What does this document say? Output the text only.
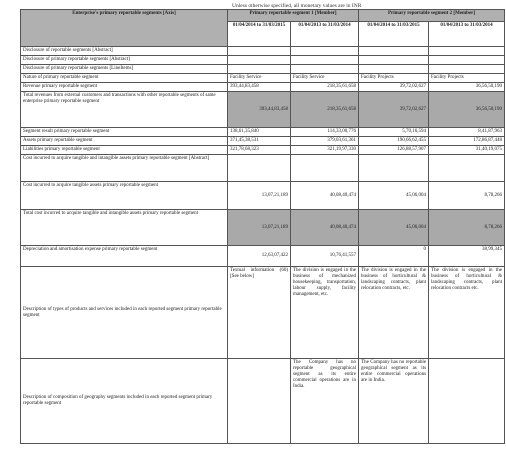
Unless otherwise specified, all monetary values are in INR
Enterprise's primary reportable segments [Axis]	Primary reportable segment 1 [Member]		Primary reportable segment 2 [Member]	
	01/04/2014 to 31/03/2015	01/04/2013 to 31/03/2014	01/04/2014 to 31/03/2015	01/04/2013 to 31/03/2014
Disclosure of reportable segments [Abstract]				
Disclosure of primary reportable segments [Abstract]				
Disclosure of primary reportable segments [LineItems]				
Nature of primary reportable segment	Facility Service	Facility Service	Facility Projects	Facility Projects
Revenue primary reportable segment	393,44,83,458	218,35,61,658	39,72,02,627	36,56,50,190
Total revenues from external customers and transactions with other reportable segments of same enterprise primary reportable segment	393,44,83,458	218,35,61,658	39,72,02,627	36,56,50,190
Segment result primary reportable segment	138,61,35,840	114,33,00,776	5,70,16,594	8,41,87,963
Assets primary reportable segment	371,45,38,531	379,03,61,361	190,66,62,455	172,86,87,448
Liabilities primary reportable segment	321,78,68,323	321,19,97,330	126,88,57,907	31,40,19,075
Cost incurred to acquire tangible and intangible assets primary reportable segment [Abstract]				
Cost incurred to acquire tangible assets primary reportable segment	13,07,21,189	40,08,40,474	45,06,004	8,78,266
Total cost incurred to acquire tangible and intangible assets primary reportable segment	13,07,21,189	40,08,40,474	45,06,004	8,78,266
Depreciation and amortisation expense primary reportable segment	12,63,07,422	10,76,41,557	0	38,99,345
Description of types of products and services included in each reported segment primary reportable segment	Textual information (60) [See below]	The division is engaged in the business of mechanized housekeeping, transportation, labour supply, facility management, etc.	The division is engaged in the business of horticultural & landscaping contracts, plant relocation contracts, etc.	The division is engaged in the business of horticultural & landscaping contracts, plant relocation contracts etc.
Description of composition of geography segments included in each reported segment primary reportable segment		The Company has no reportable geographical segment as its entire commercial operations are in India.	The Company has no reportable geographical segment as its entire commercial operations are in India.	
